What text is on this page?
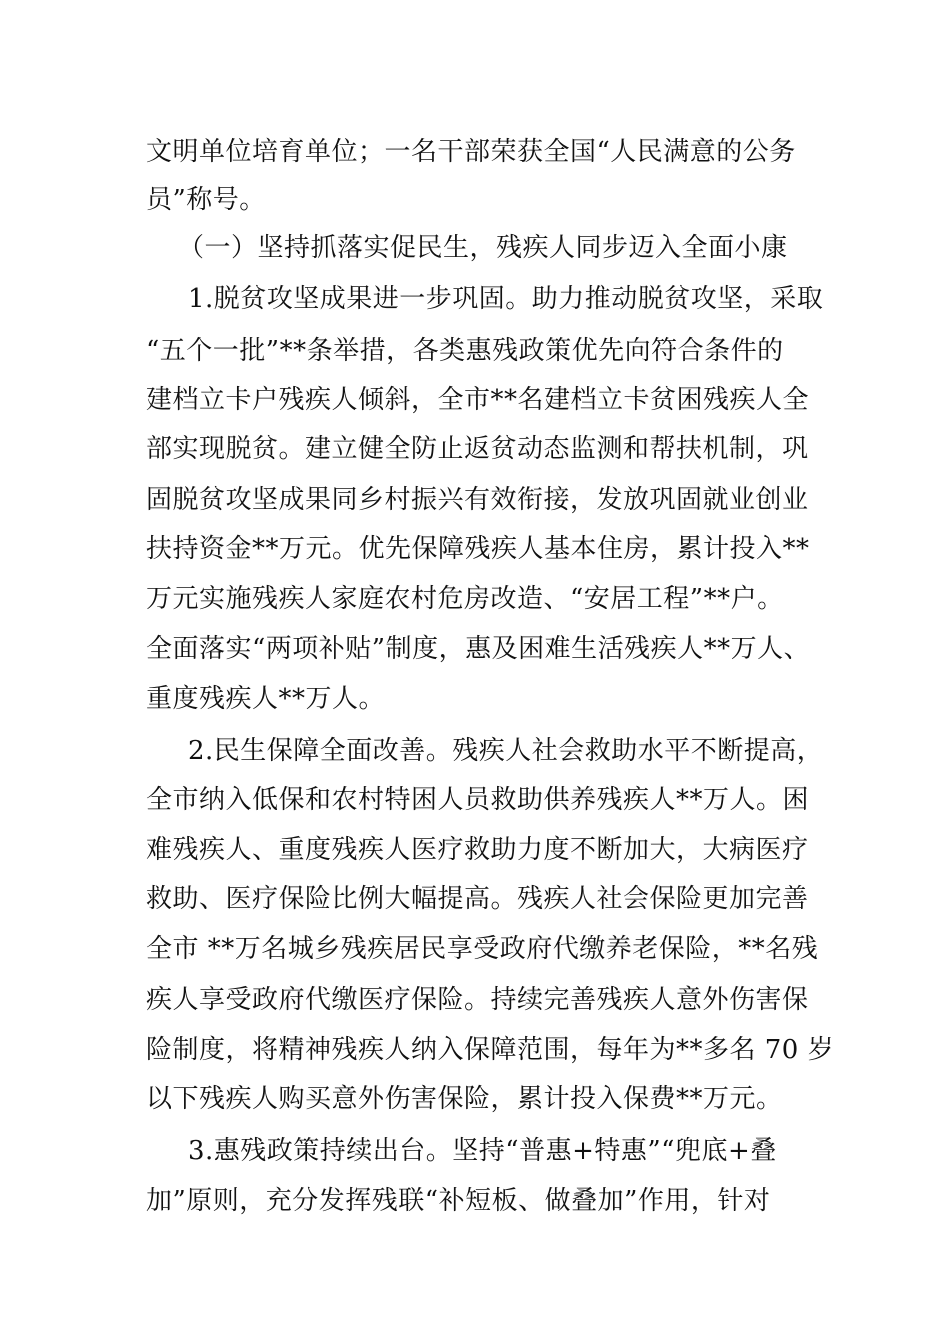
文明单位培育单位；一名干部荣获全国“人民满意的公务
员”称号。
（一）坚持抓落实促民生，残疾人同步迈入全面小康
1.脱贫攻坚成果进一步巩固。助力推动脱贫攻坚，采取
“五个一批”**条举措，各类惠残政策优先向符合条件的
建档立卡户残疾人倾斜，全市**名建档立卡贫困残疾人全
部实现脱贫。建立健全防止返贫动态监测和帮扶机制，巩
固脱贫攻坚成果同乡村振兴有效衔接，发放巩固就业创业
扶持资金**万元。优先保障残疾人基本住房，累计投入**
万元实施残疾人家庭农村危房改造、“安居工程”**户。
全面落实“两项补贴”制度，惠及困难生活残疾人**万人、
重度残疾人**万人。
2.民生保障全面改善。残疾人社会救助水平不断提高，
全市纳入低保和农村特困人员救助供养残疾人**万人。困
难残疾人、重度残疾人医疗救助力度不断加大，大病医疗
救助、医疗保险比例大幅提高。残疾人社会保险更加完善
全市 **万名城乡残疾居民享受政府代缴养老保险，**名残
疾人享受政府代缴医疗保险。持续完善残疾人意外伤害保
险制度，将精神残疾人纳入保障范围，每年为**多名 70 岁
以下残疾人购买意外伤害保险，累计投入保费**万元。
3.惠残政策持续出台。坚持“普惠+特惠”“兜底+叠
加”原则，充分发挥残联“补短板、做叠加”作用，针对
